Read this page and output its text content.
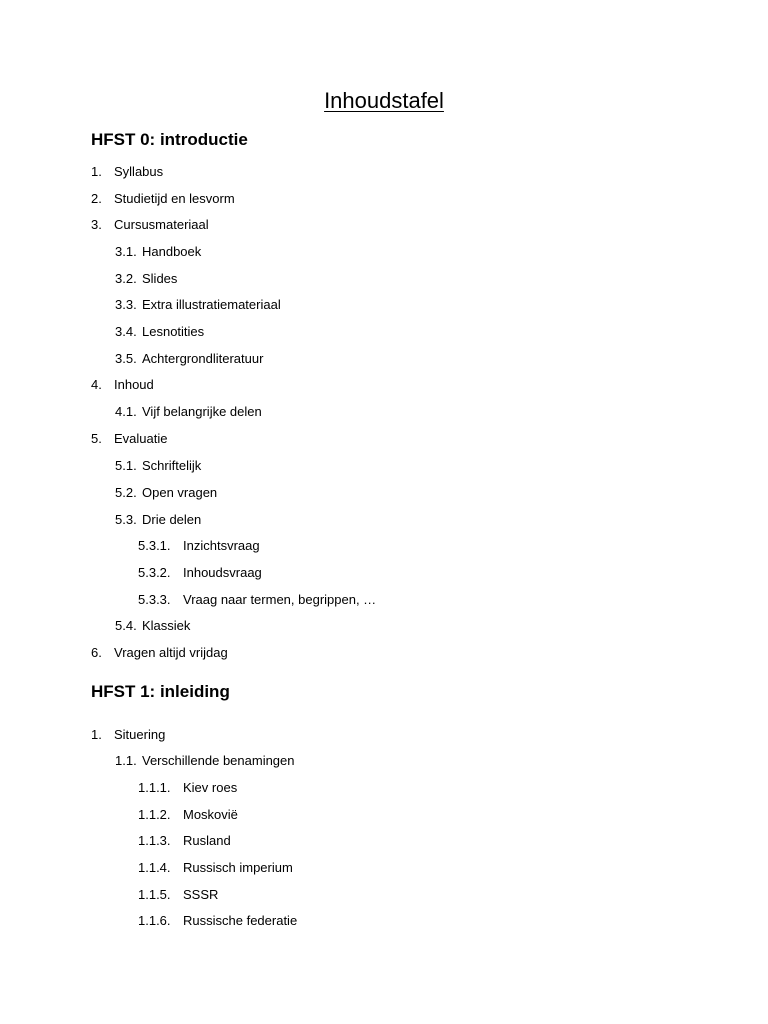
Inhoudstafel
HFST 0: introductie
1. Syllabus
2. Studietijd en lesvorm
3. Cursusmateriaal
3.1. Handboek
3.2. Slides
3.3. Extra illustratiemateriaal
3.4. Lesnotities
3.5. Achtergrondliteratuur
4. Inhoud
4.1. Vijf belangrijke delen
5. Evaluatie
5.1. Schriftelijk
5.2. Open vragen
5.3. Drie delen
5.3.1. Inzichtsvraag
5.3.2. Inhoudsvraag
5.3.3. Vraag naar termen, begrippen, …
5.4. Klassiek
6. Vragen altijd vrijdag
HFST 1: inleiding
1. Situering
1.1. Verschillende benamingen
1.1.1. Kiev roes
1.1.2. Moskovië
1.1.3. Rusland
1.1.4. Russisch imperium
1.1.5. SSSR
1.1.6. Russische federatie
